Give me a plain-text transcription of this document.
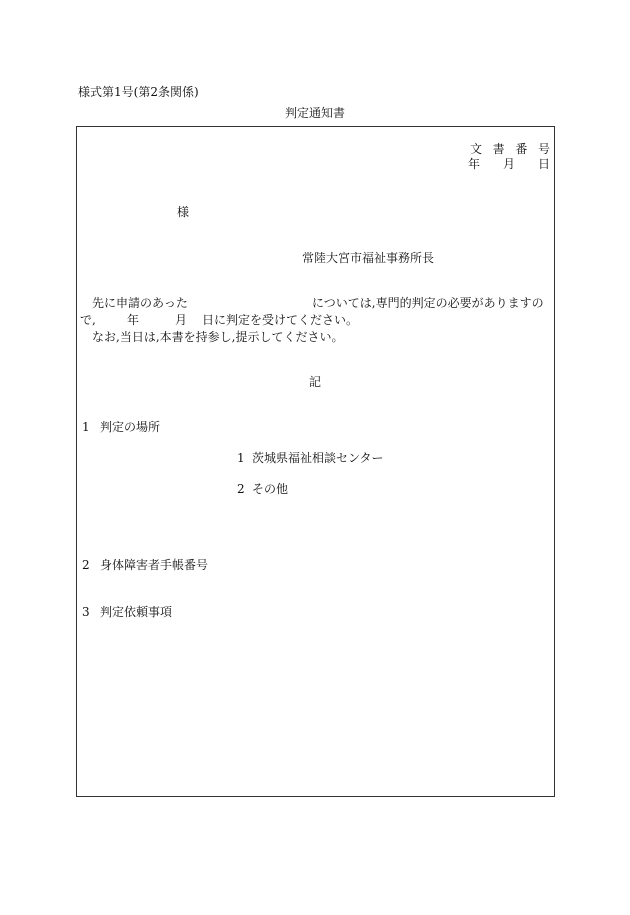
様式第1号(第2条関係)
判定通知書
文 書 番 号
年 月 日
様
常陸大宮市福祉事務所長
先に申請のあった	については,専門的判定の必要がありますの
で,	年	月 日に判定を受けてください。
なお,当日は,本書を持参し,提示してください。
記
1 判定の場所
1 茨城県福祉相談センター
2 その他
2 身体障害者手帳番号
3 判定依頼事項
